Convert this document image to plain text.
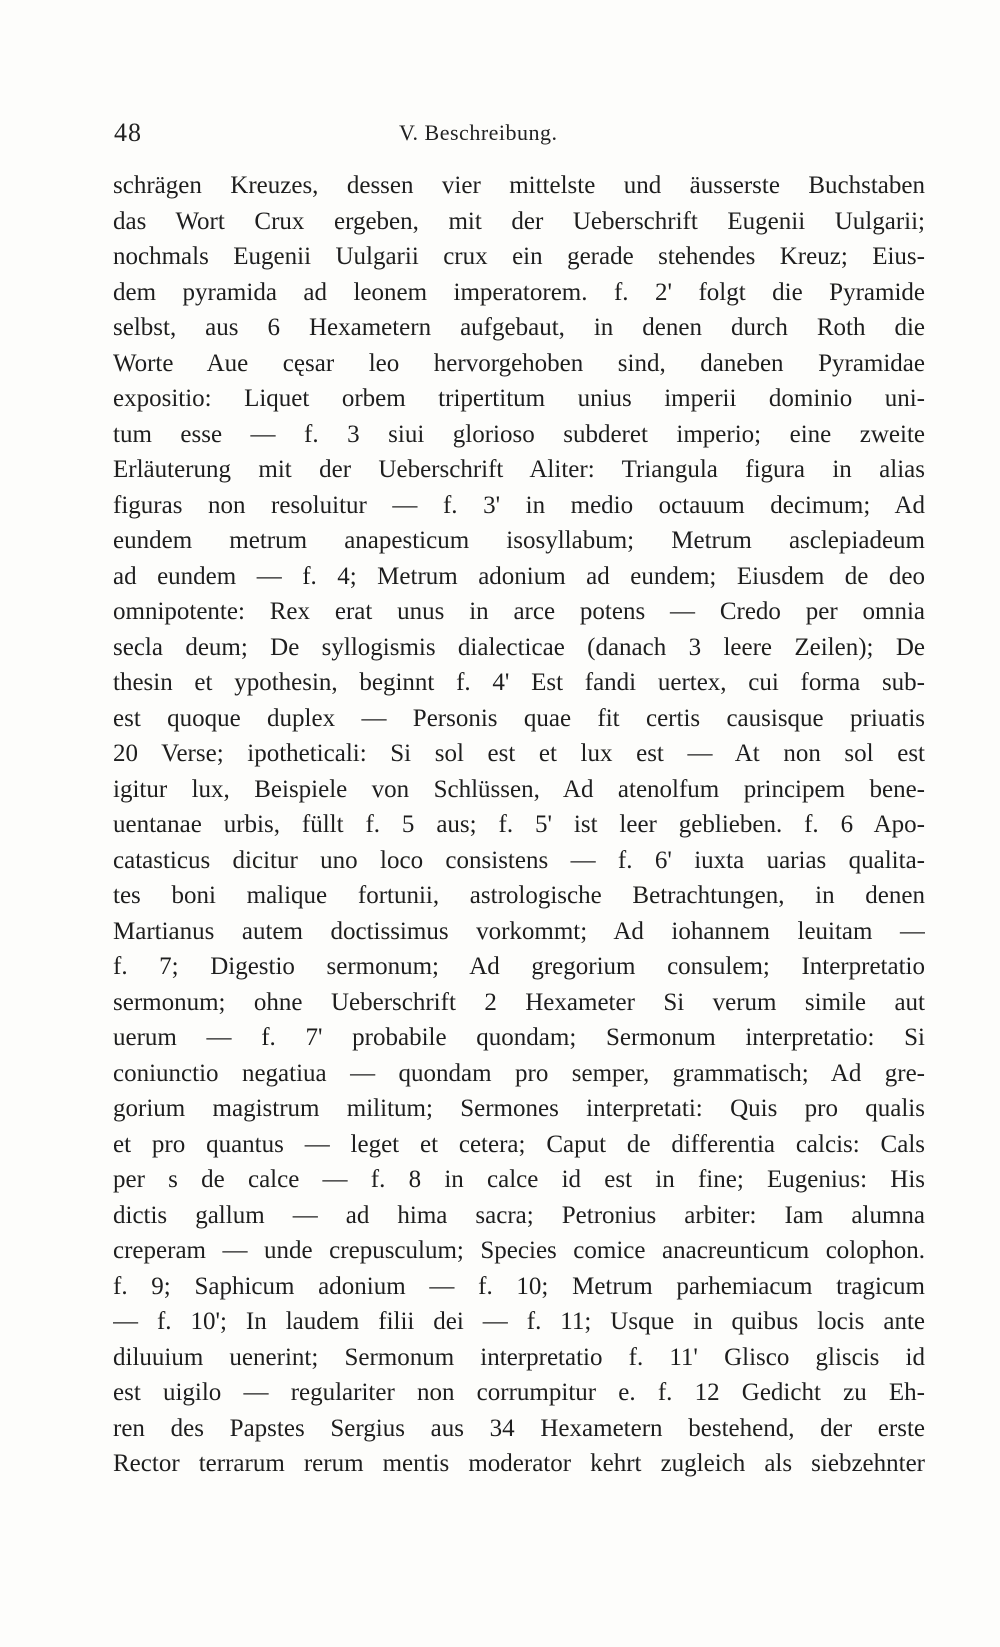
48	V. Beschreibung.
schrägen Kreuzes, dessen vier mittelste und äusserste Buchstaben
das Wort Crux ergeben, mit der Ueberschrift Eugenii Uulgarii;
nochmals Eugenii Uulgarii crux ein gerade stehendes Kreuz; Eius-
dem pyramida ad leonem imperatorem. f. 2' folgt die Pyramide
selbst, aus 6 Hexametern aufgebaut, in denen durch Roth die
Worte Aue cęsar leo hervorgehoben sind, daneben Pyramidae
expositio: Liquet orbem tripertitum unius imperii dominio uni-
tum esse — f. 3 siui glorioso subderet imperio; eine zweite
Erläuterung mit der Ueberschrift Aliter: Triangula figura in alias
figuras non resoluitur — f. 3' in medio octauum decimum; Ad
eundem metrum anapesticum isosyllabum; Metrum asclepiadeum
ad eundem — f. 4; Metrum adonium ad eundem; Eiusdem de deo
omnipotente: Rex erat unus in arce potens — Credo per omnia
secla deum; De syllogismis dialecticae (danach 3 leere Zeilen); De
thesin et ypothesin, beginnt f. 4' Est fandi uertex, cui forma sub-
est quoque duplex — Personis quae fit certis causisque priuatis
20 Verse; ipotheticali: Si sol est et lux est — At non sol est
igitur lux, Beispiele von Schlüssen, Ad atenolfum principem bene-
uentanae urbis, füllt f. 5 aus; f. 5' ist leer geblieben. f. 6 Apo-
catasticus dicitur uno loco consistens — f. 6' iuxta uarias qualita-
tes boni malique fortunii, astrologische Betrachtungen, in denen
Martianus autem doctissimus vorkommt; Ad iohannem leuitam —
f. 7; Digestio sermonum; Ad gregorium consulem; Interpretatio
sermonum; ohne Ueberschrift 2 Hexameter Si verum simile aut
uerum — f. 7' probabile quondam; Sermonum interpretatio: Si
coniunctio negatiua — quondam pro semper, grammatisch; Ad gre-
gorium magistrum militum; Sermones interpretati: Quis pro qualis
et pro quantus — leget et cetera; Caput de differentia calcis: Cals
per s de calce — f. 8 in calce id est in fine; Eugenius: His
dictis gallum — ad hima sacra; Petronius arbiter: Iam alumna
creperam — unde crepusculum; Species comice anacreunticum colophon.
f. 9; Saphicum adonium — f. 10; Metrum parhemiacum tragicum
— f. 10'; In laudem filii dei — f. 11; Usque in quibus locis ante
diluuium uenerint; Sermonum interpretatio f. 11' Glisco gliscis id
est uigilo — regulariter non corrumpitur e. f. 12 Gedicht zu Eh-
ren des Papstes Sergius aus 34 Hexametern bestehend, der erste
Rector terrarum rerum mentis moderator kehrt zugleich als siebzehnter
